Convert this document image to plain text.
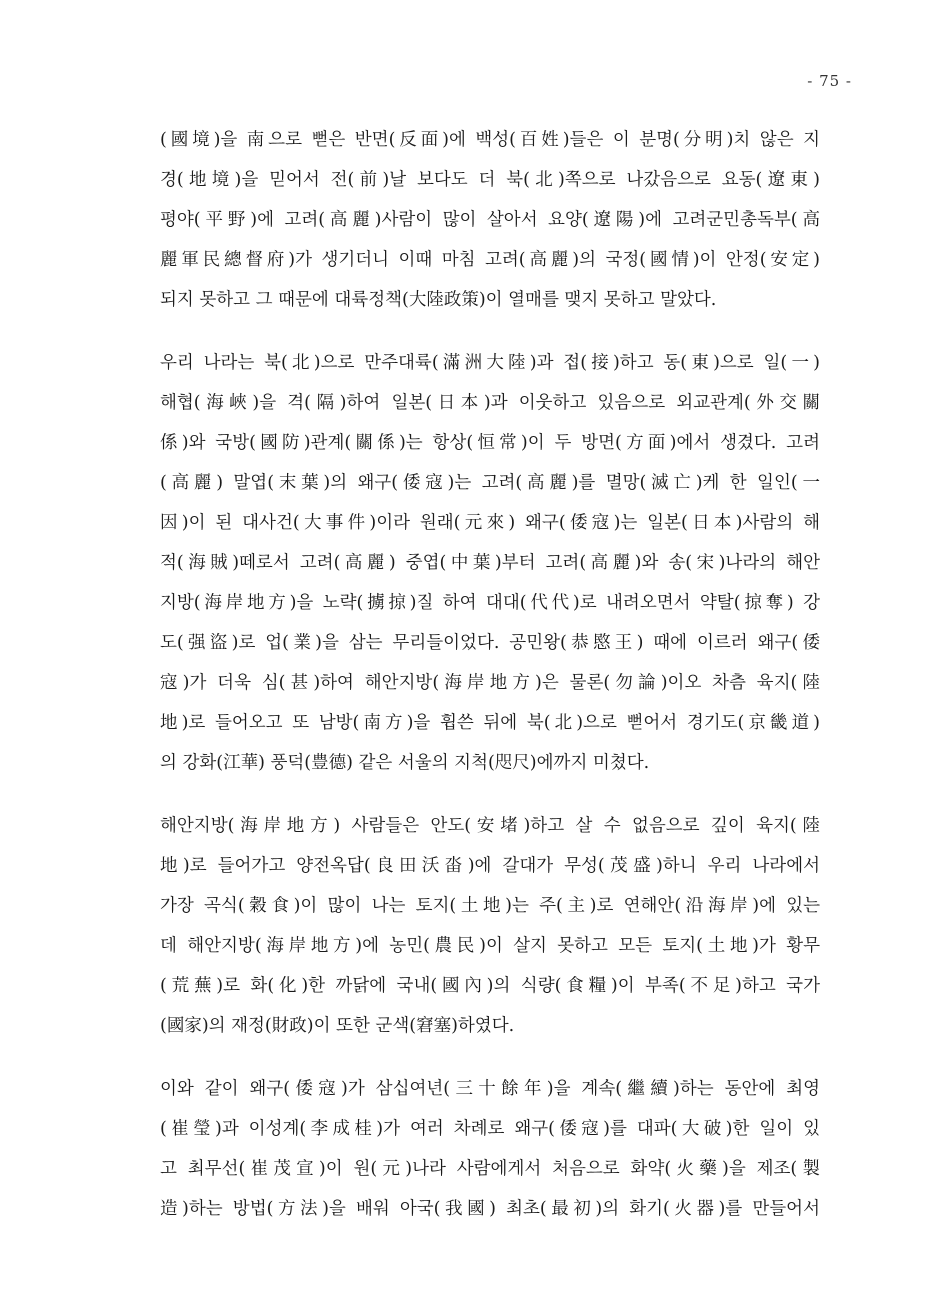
- 75 -
(國境)을 南으로 뻗은 반면(反面)에 백성(百姓)들은 이 분명(分明)치 않은 지
경(地境)을 믿어서 전(前)날 보다도 더 북(北)쪽으로 나갔음으로 요동(遼東)
평야(平野)에 고려(高麗)사람이 많이 살아서 요양(遼陽)에 고려군민총독부(高
麗軍民總督府)가 생기더니 이때 마침 고려(高麗)의 국정(國情)이 안정(安定)
되지 못하고 그 때문에 대륙정책(大陸政策)이 열매를 맺지 못하고 말았다.
우리 나라는 북(北)으로 만주대륙(滿洲大陸)과 접(接)하고 동(東)으로 일(一)
해협(海峽)을 격(隔)하여 일본(日本)과 이웃하고 있음으로 외교관계(外交關
係)와 국방(國防)관계(關係)는 항상(恒常)이 두 방면(方面)에서 생겼다. 고려
(高麗) 말엽(末葉)의 왜구(倭寇)는 고려(高麗)를 멸망(滅亡)케 한 일인(一
因)이 된 대사건(大事件)이라 원래(元來) 왜구(倭寇)는 일본(日本)사람의 해
적(海賊)떼로서 고려(高麗) 중엽(中葉)부터 고려(高麗)와 송(宋)나라의 해안
지방(海岸地方)을 노략(擄掠)질 하여 대대(代代)로 내려오면서 약탈(掠奪) 강
도(强盜)로 업(業)을 삼는 무리들이었다. 공민왕(恭愍王) 때에 이르러 왜구(倭
寇)가 더욱 심(甚)하여 해안지방(海岸地方)은 물론(勿論)이오 차츰 육지(陸
地)로 들어오고 또 남방(南方)을 휩쓴 뒤에 북(北)으로 뻗어서 경기도(京畿道)
의 강화(江華) 풍덕(豊德) 같은 서울의 지척(咫尺)에까지 미쳤다.
해안지방(海岸地方) 사람들은 안도(安堵)하고 살 수 없음으로 깊이 육지(陸
地)로 들어가고 양전옥답(良田沃畓)에 갈대가 무성(茂盛)하니 우리 나라에서
가장 곡식(穀食)이 많이 나는 토지(土地)는 주(主)로 연해안(沿海岸)에 있는
데 해안지방(海岸地方)에 농민(農民)이 살지 못하고 모든 토지(土地)가 황무
(荒蕪)로 화(化)한 까닭에 국내(國內)의 식량(食糧)이 부족(不足)하고 국가
(國家)의 재정(財政)이 또한 군색(窘塞)하였다.
이와 같이 왜구(倭寇)가 삼십여년(三十餘年)을 계속(繼續)하는 동안에 최영
(崔瑩)과 이성계(李成桂)가 여러 차례로 왜구(倭寇)를 대파(大破)한 일이 있
고 최무선(崔茂宣)이 원(元)나라 사람에게서 처음으로 화약(火藥)을 제조(製
造)하는 방법(方法)을 배워 아국(我國) 최초(最初)의 화기(火器)를 만들어서
